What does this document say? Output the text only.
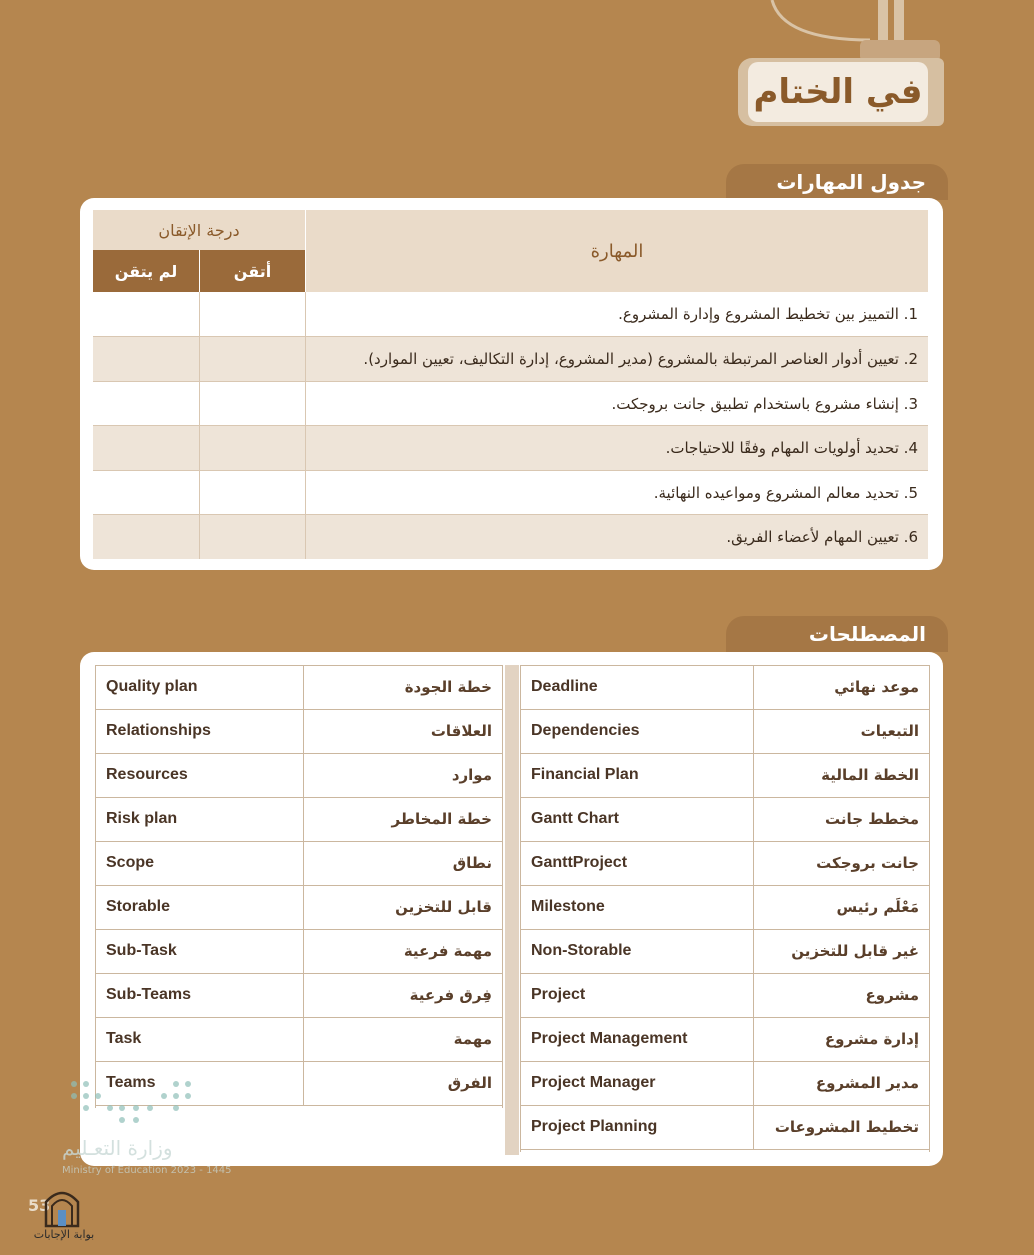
في الختام
جدول المهارات
درجة الإتقان
لم يتقن	أتقن
المهارة
1. التمييز بين تخطيط المشروع وإدارة المشروع.
2. تعيين أدوار العناصر المرتبطة بالمشروع (مدير المشروع، إدارة التكاليف، تعيين الموارد).
3. إنشاء مشروع باستخدام تطبيق جانت بروجكت.
4. تحديد أولويات المهام وفقًا للاحتياجات.
5. تحديد معالم المشروع ومواعيده النهائية.
6. تعيين المهام لأعضاء الفريق.
المصطلحات
Quality plan	خطة الجودة
Relationships	العلاقات
Resources	موارد
Risk plan	خطة المخاطر
Scope	نطاق
Storable	قابل للتخزين
Sub-Task	مهمة فرعية
Sub-Teams	فِرق فرعية
Task	مهمة
Teams	الفرق
Deadline	موعد نهائي
Dependencies	التبعيات
Financial Plan	الخطة المالية
Gantt Chart	مخطط جانت
GanttProject	جانت بروجكت
Milestone	مَعْلَم رئيس
Non-Storable	غير قابل للتخزين
Project	مشروع
Project Management	إدارة مشروع
Project Manager	مدير المشروع
Project Planning	تخطيط المشروعات
وزارة التعـليم
Ministry of Education 2023 - 1445
53
بوابة الإجابات
